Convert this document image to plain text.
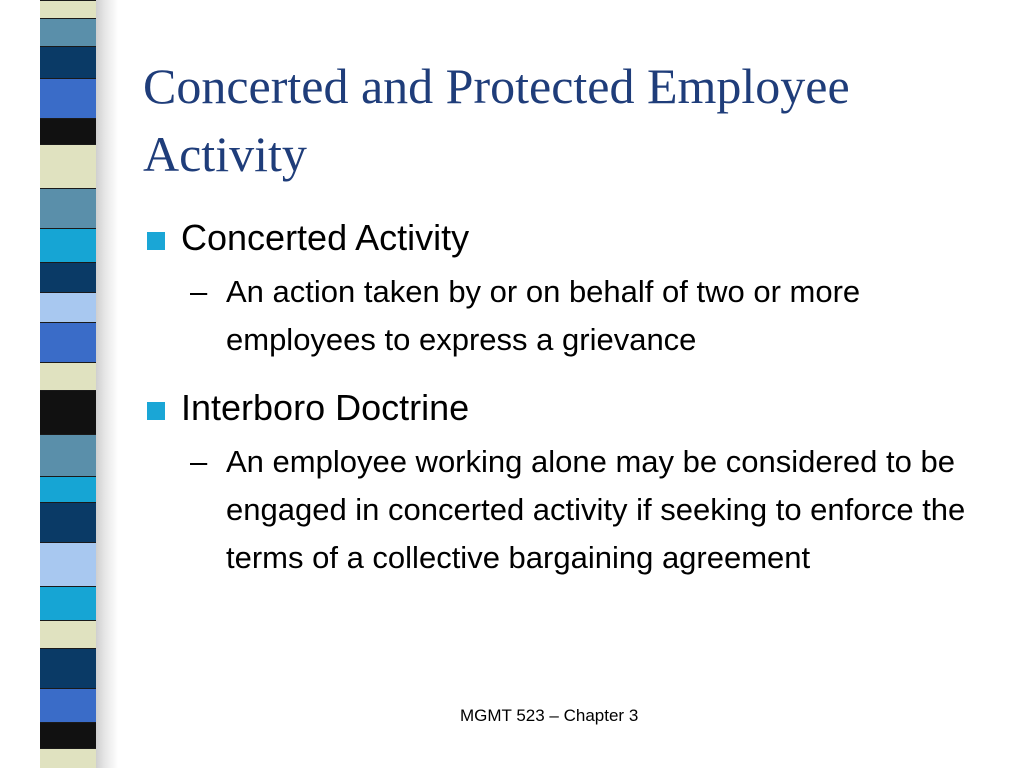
Concerted and Protected Employee Activity
Concerted Activity
– An action taken by or on behalf of two or more employees to express a grievance
Interboro Doctrine
– An employee working alone may be considered to be engaged in concerted activity if seeking to enforce the terms of a collective bargaining agreement
MGMT 523 – Chapter 3
